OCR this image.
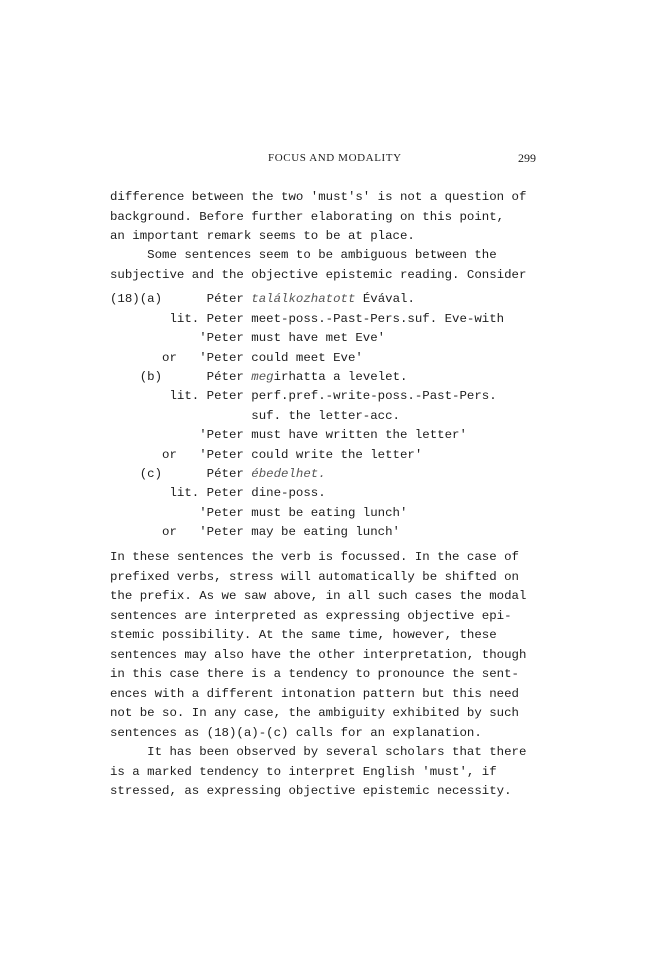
FOCUS AND MODALITY	299
difference between the two 'must's' is not a question of
background. Before further elaborating on this point,
an important remark seems to be at place.
Some sentences seem to be ambiguous between the
subjective and the objective epistemic reading. Consider
(18)(a)      Péter találkozhatott Évával.
lit. Peter meet-poss.-Past-Pers.suf. Eve-with
'Peter must have met Eve'
or   'Peter could meet Eve'
(b)      Péter megirhatta a levelet.
lit. Peter perf.pref.-write-poss.-Past-Pers.
suf. the letter-acc.
'Peter must have written the letter'
or   'Peter could write the letter'
(c)      Péter ébedelhet.
lit. Peter dine-poss.
'Peter must be eating lunch'
or   'Peter may be eating lunch'
In these sentences the verb is focussed. In the case of
prefixed verbs, stress will automatically be shifted on
the prefix. As we saw above, in all such cases the modal
sentences are interpreted as expressing objective epi-
stemic possibility. At the same time, however, these
sentences may also have the other interpretation, though
in this case there is a tendency to pronounce the sent-
ences with a different intonation pattern but this need
not be so. In any case, the ambiguity exhibited by such
sentences as (18)(a)-(c) calls for an explanation.
It has been observed by several scholars that there
is a marked tendency to interpret English 'must', if
stressed, as expressing objective epistemic necessity.
